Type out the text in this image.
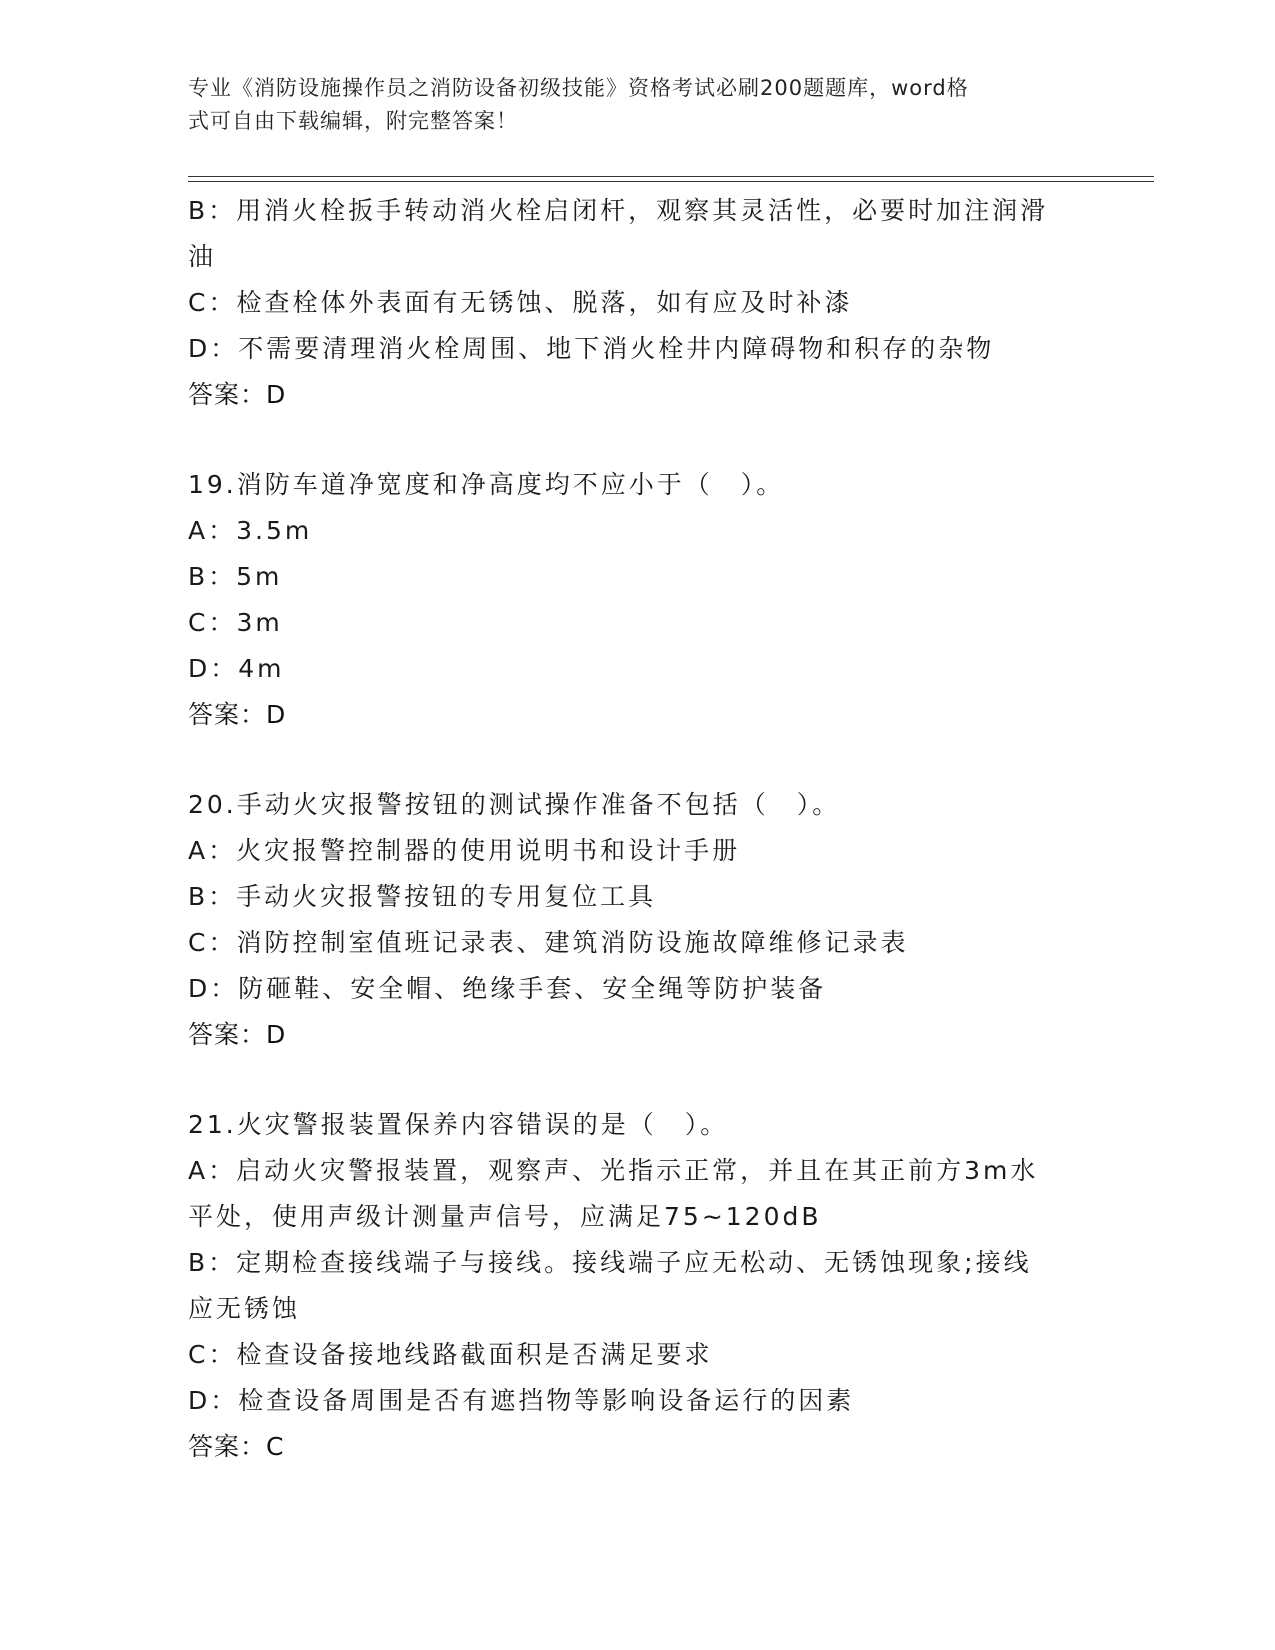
专业《消防设施操作员之消防设备初级技能》资格考试必刷200题题库，word格
式可自由下载编辑，附完整答案！
B：用消火栓扳手转动消火栓启闭杆，观察其灵活性，必要时加注润滑
油
C：检查栓体外表面有无锈蚀、脱落，如有应及时补漆
D：不需要清理消火栓周围、地下消火栓井内障碍物和积存的杂物
答案：D
19.消防车道净宽度和净高度均不应小于（　）。
A：3.5m
B：5m
C：3m
D：4m
答案：D
20.手动火灾报警按钮的测试操作准备不包括（　）。
A：火灾报警控制器的使用说明书和设计手册
B：手动火灾报警按钮的专用复位工具
C：消防控制室值班记录表、建筑消防设施故障维修记录表
D：防砸鞋、安全帽、绝缘手套、安全绳等防护装备
答案：D
21.火灾警报装置保养内容错误的是（　）。
A：启动火灾警报装置，观察声、光指示正常，并且在其正前方3m水
平处，使用声级计测量声信号，应满足75~120dB
B：定期检查接线端子与接线。接线端子应无松动、无锈蚀现象;接线
应无锈蚀
C：检查设备接地线路截面积是否满足要求
D：检查设备周围是否有遮挡物等影响设备运行的因素
答案：C
